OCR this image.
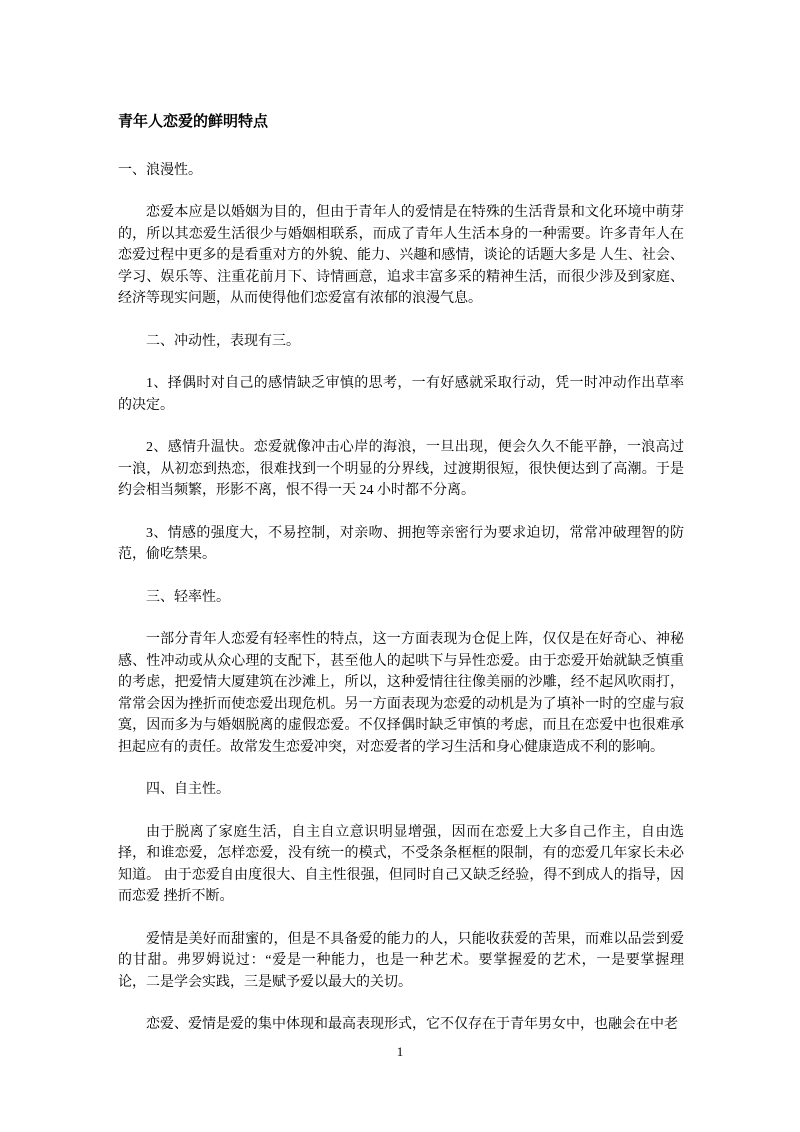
青年人恋爱的鲜明特点

一、浪漫性。

恋爱本应是以婚姻为目的，但由于青年人的爱情是在特殊的生活背景和文化环境中萌芽的，所以其恋爱生活很少与婚姻相联系，而成了青年人生活本身的一种需要。许多青年人在恋爱过程中更多的是看重对方的外貌、能力、兴趣和感情，谈论的话题大多是 人生、社会、 学习、娱乐等、注重花前月下、诗情画意，追求丰富多采的精神生活，而很少涉及到家庭、 经济等现实问题，从而使得他们恋爱富有浓郁的浪漫气息。

二、冲动性，表现有三。

1、择偶时对自己的感情缺乏审慎的思考，一有好感就采取行动，凭一时冲动作出草率 的决定。

2、感情升温快。恋爱就像冲击心岸的海浪，一旦出现，便会久久不能平静，一浪高过一浪，从初恋到热恋，很难找到一个明显的分界线，过渡期很短，很快便达到了高潮。于是约会相当频繁，形影不离，恨不得一天 24 小时都不分离。

3、情感的强度大，不易控制，对亲吻、拥抱等亲密行为要求迫切，常常冲破理智的防范，偷吃禁果。

三、轻率性。

一部分青年人恋爱有轻率性的特点，这一方面表现为仓促上阵，仅仅是在好奇心、神秘感、性冲动或从众心理的支配下，甚至他人的起哄下与异性恋爱。由于恋爱开始就缺乏慎重的考虑，把爱情大厦建筑在沙滩上，所以，这种爱情往往像美丽的沙雕，经不起风吹雨打，常常会因为挫折而使恋爱出现危机。另一方面表现为恋爱的动机是为了填补一时的空虚与寂寞，因而多为与婚姻脱离的虚假恋爱。不仅择偶时缺乏审慎的考虑，而且在恋爱中也很难承担起应有的责任。故常发生恋爱冲突，对恋爱者的学习生活和身心健康造成不利的影响。

四、自主性。

由于脱离了家庭生活，自主自立意识明显增强，因而在恋爱上大多自己作主，自由选择，和谁恋爱，怎样恋爱，没有统一的模式，不受条条框框的限制，有的恋爱几年家长未必知道。 由于恋爱自由度很大、自主性很强，但同时自己又缺乏经验，得不到成人的指导，因而恋爱 挫折不断。

爱情是美好而甜蜜的，但是不具备爱的能力的人，只能收获爱的苦果，而难以品尝到爱的甘甜。弗罗姆说过：“爱是一种能力，也是一种艺术。要掌握爱的艺术，一是要掌握理论，二是学会实践，三是赋予爱以最大的关切。

恋爱、爱情是爱的集中体现和最高表现形式，它不仅存在于青年男女中，也融会在中老

1
